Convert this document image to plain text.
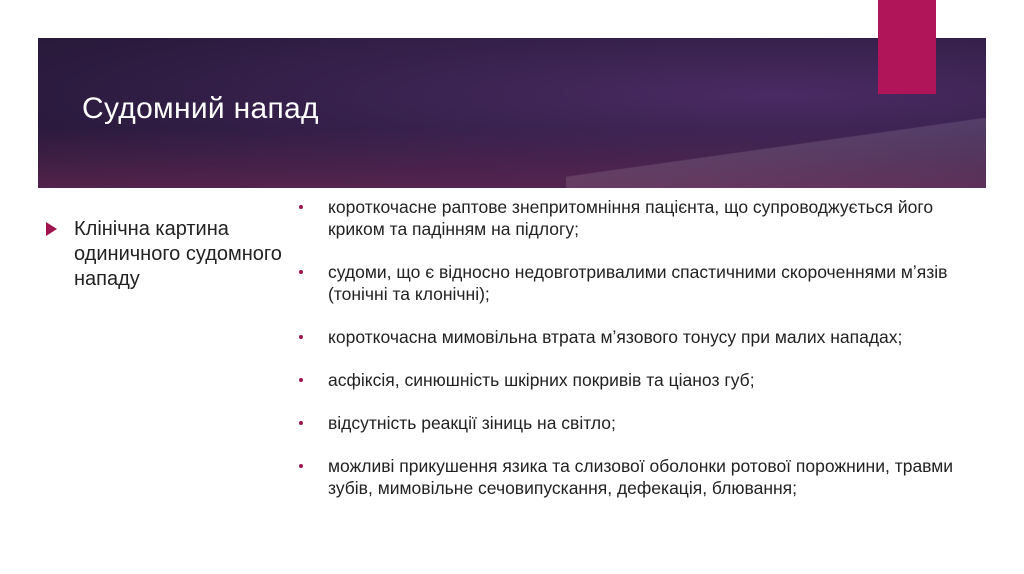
Судомний напад
Клінічна картина одиничного судомного нападу
короткочасне раптове знепритомніння пацієнта, що супроводжується його криком та падінням на підлогу;
судоми, що є відносно недовготривалими спастичними скороченнями мʼязів (тонічні та клонічні);
короткочасна мимовільна втрата мʼязового тонусу при малих нападах;
асфіксія, синюшність шкірних покривів та ціаноз губ;
відсутність реакції зіниць на світло;
можливі прикушення язика та слизової оболонки ротової порожнини, травми зубів, мимовільне сечовипускання, дефекація, блювання;
